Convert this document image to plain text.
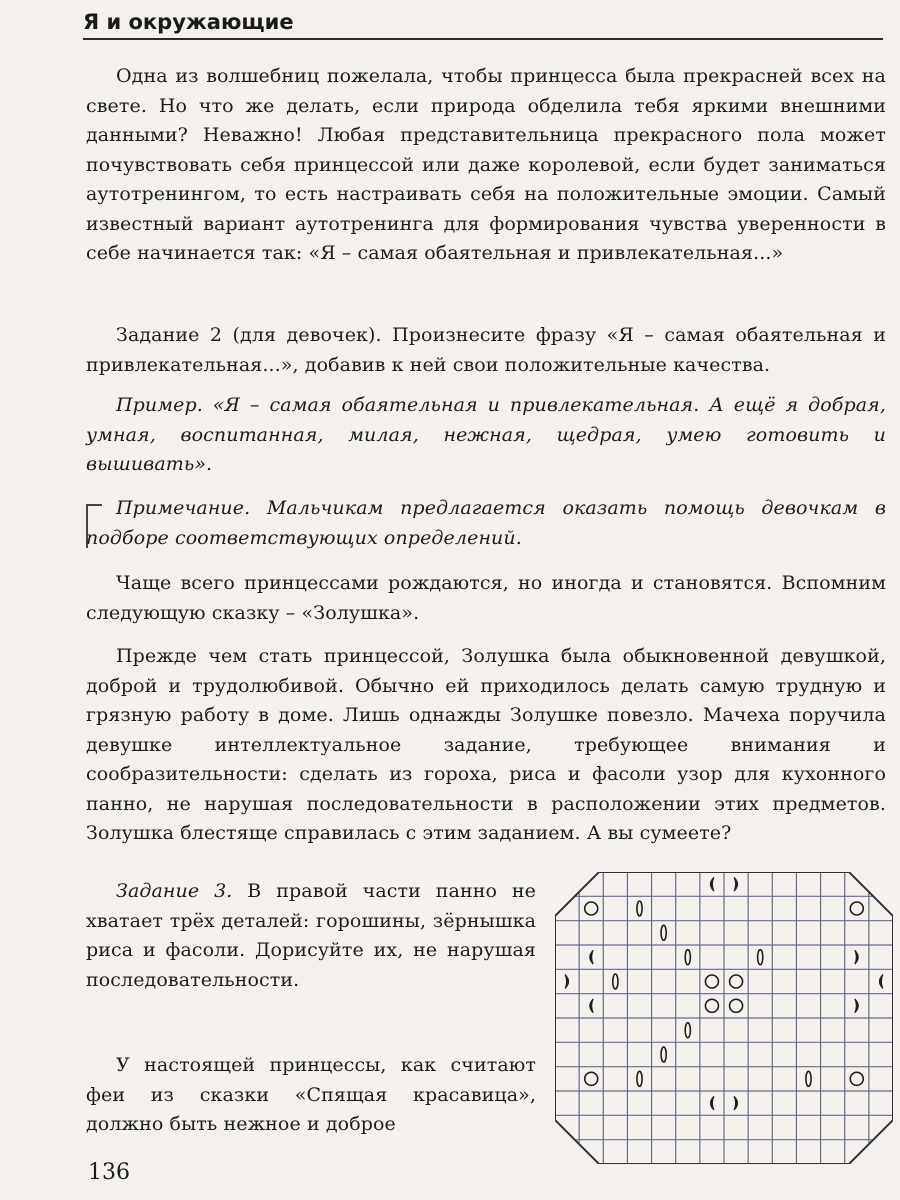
Я и окружающие

Одна из волшебниц пожелала, чтобы принцесса была прекрасней всех на свете. Но что же делать, если природа обделила тебя яркими внешними данными? Неважно! Любая представительница прекрасного пола может почувствовать себя принцессой или даже королевой, если будет заниматься аутотренингом, то есть настраивать себя на положительные эмоции. Самый известный вариант аутотренинга для формирования чувства уверенности в себе начинается так: «Я – самая обаятельная и привлекательная...»

Задание 2 (для девочек). Произнесите фразу «Я – самая обаятельная и привлекательная...», добавив к ней свои положительные качества.

Пример. «Я – самая обаятельная и привлекательная. А ещё я добрая, умная, воспитанная, милая, нежная, щедрая, умею готовить и вышивать».

Примечание. Мальчикам предлагается оказать помощь девочкам в подборе соответствующих определений.

Чаще всего принцессами рождаются, но иногда и становятся. Вспомним следующую сказку – «Золушка».

Прежде чем стать принцессой, Золушка была обыкновенной девушкой, доброй и трудолюбивой. Обычно ей приходилось делать самую трудную и грязную работу в доме. Лишь однажды Золушке повезло. Мачеха поручила девушке интеллектуальное задание, требующее внимания и сообразительности: сделать из гороха, риса и фасоли узор для кухонного панно, не нарушая последовательности в расположении этих предметов. Золушка блестяще справилась с этим заданием. А вы сумеете?

Задание 3. В правой части панно не хватает трёх деталей: горошины, зёрнышка риса и фасоли. Дорисуйте их, не нарушая последовательности.

У настоящей принцессы, как считают феи из сказки «Спящая красавица», должно быть нежное и доброе

136
